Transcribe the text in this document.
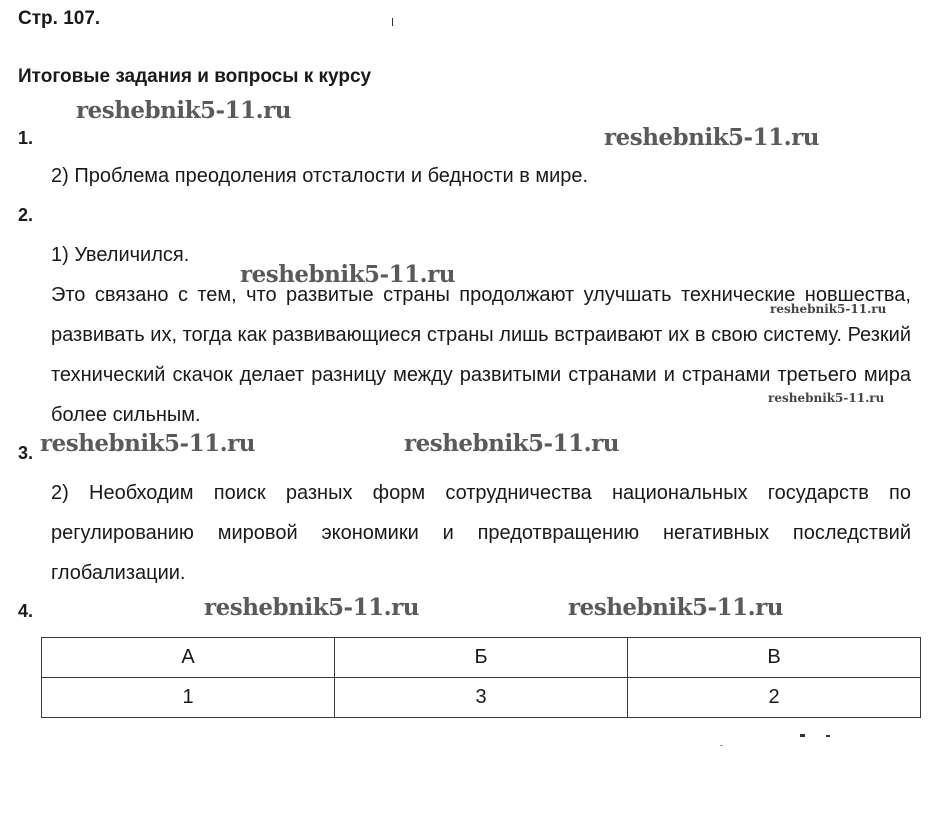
Стр. 107.
Итоговые задания и вопросы к курсу
1.

2) Проблема преодоления отсталости и бедности в мире.

2.

1) Увеличился.

Это связано с тем, что развитые страны продолжают улучшать технические новшества, развивать их, тогда как развивающиеся страны лишь встраивают их в свою систему. Резкий технический скачок делает разницу между развитыми странами и странами третьего мира более сильным.

3.

2) Необходим поиск разных форм сотрудничества национальных государств по регулированию мировой экономики и предотвращению негативных последствий глобализации.

4.
А	Б	В
1	3	2
reshebnik5-11.ru
reshebnik5-11.ru
reshebnik5-11.ru
reshebnik5-11.ru
reshebnik5-11.ru
reshebnik5-11.ru	reshebnik5-11.ru
reshebnik5-11.ru	reshebnik5-11.ru
